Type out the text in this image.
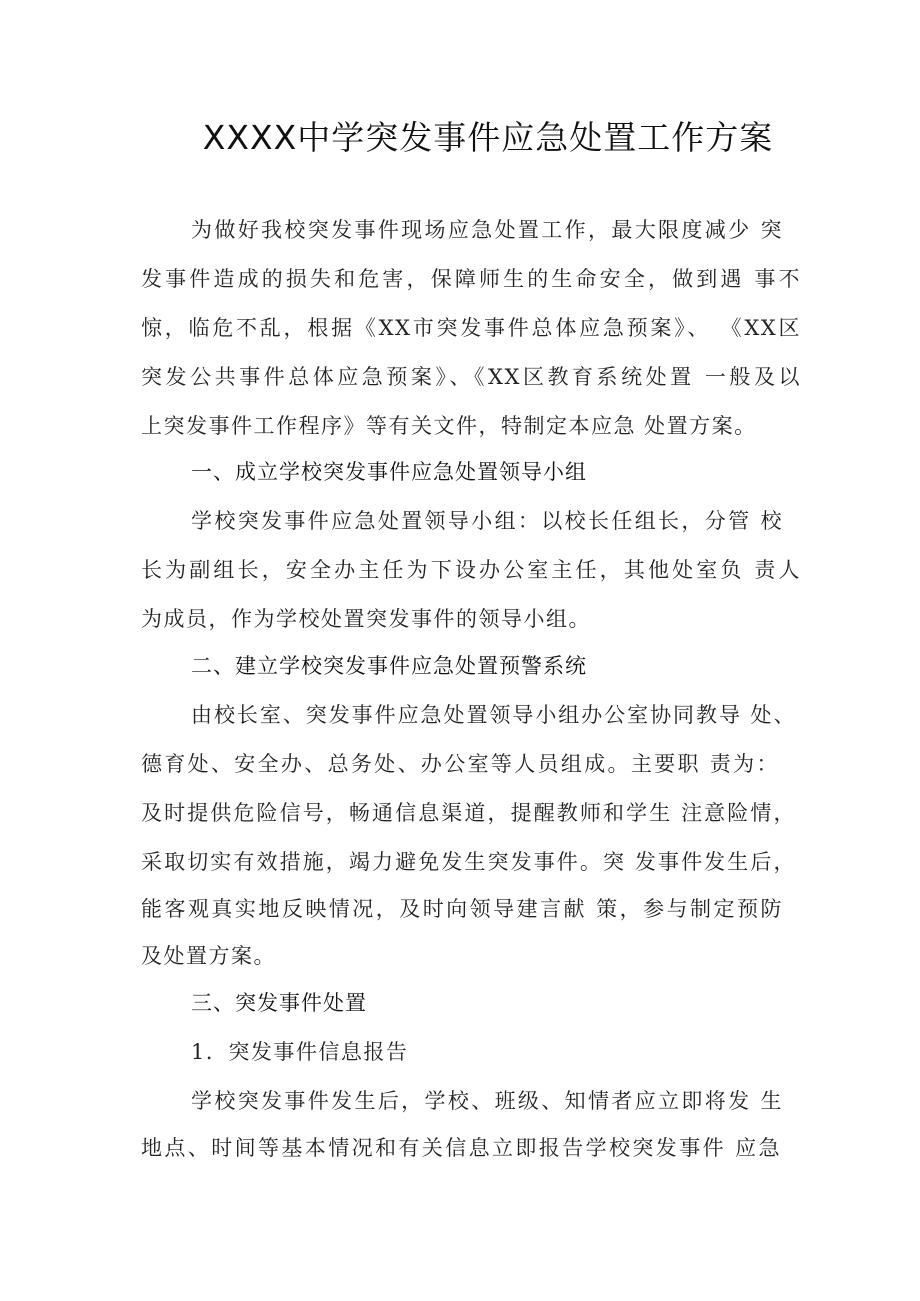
XXXX中学突发事件应急处置工作方案
为做好我校突发事件现场应急处置工作，最大限度减少 突
发事件造成的损失和危害，保障师生的生命安全，做到遇 事不
惊，临危不乱，根据《XX市突发事件总体应急预案》、 《XX区
突发公共事件总体应急预案》、《XX区教育系统处置 一般及以
上突发事件工作程序》等有关文件，特制定本应急 处置方案。
一、成立学校突发事件应急处置领导小组
学校突发事件应急处置领导小组：以校长任组长，分管 校
长为副组长，安全办主任为下设办公室主任，其他处室负 责人
为成员，作为学校处置突发事件的领导小组。
二、建立学校突发事件应急处置预警系统
由校长室、突发事件应急处置领导小组办公室协同教导 处、
德育处、安全办、总务处、办公室等人员组成。主要职 责为：
及时提供危险信号，畅通信息渠道，提醒教师和学生 注意险情，
采取切实有效措施，竭力避免发生突发事件。突 发事件发生后，
能客观真实地反映情况，及时向领导建言献 策，参与制定预防
及处置方案。
三、突发事件处置
1．突发事件信息报告
学校突发事件发生后，学校、班级、知情者应立即将发 生
地点、时间等基本情况和有关信息立即报告学校突发事件 应急
